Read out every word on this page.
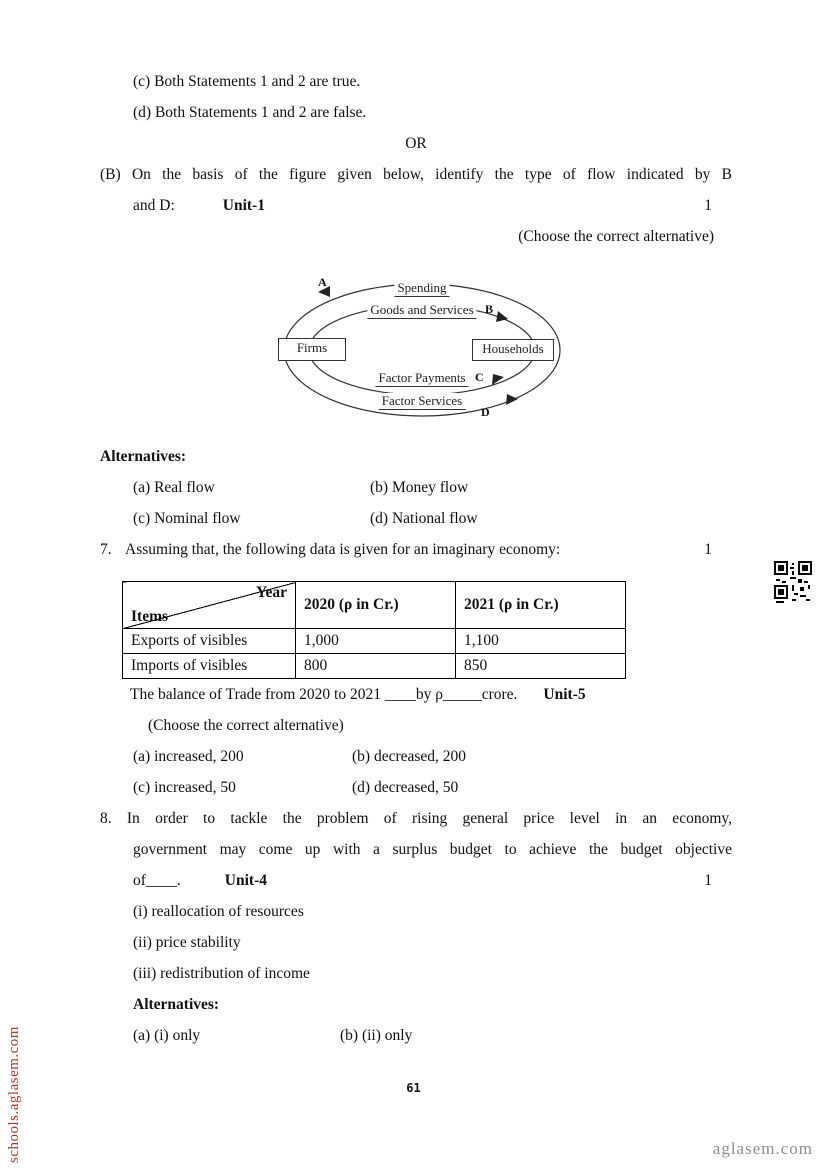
(c) Both Statements 1 and 2 are true.
(d) Both Statements 1 and 2 are false.
OR
(B) On the basis of the figure given below, identify the type of flow indicated by B
and D:	Unit-1	1
(Choose the correct alternative)
A
B
C
D
Spending
Goods and Services
Firms	Households
Factor Payments
Factor Services
Alternatives:
(a) Real flow	(b) Money flow
(c) Nominal flow	(d) National flow
7. Assuming that, the following data is given for an imaginary economy:	1
Year
Items	2020 (ρ in Cr.)	2021 (ρ in Cr.)
Exports of visibles	1,000	1,100
Imports of visibles	800	850
The balance of Trade from 2020 to 2021 ____by ρ_____crore. Unit-5
(Choose the correct alternative)
(a) increased, 200	(b) decreased, 200
(c) increased, 50	(d) decreased, 50
8. In order to tackle the problem of rising general price level in an economy,
government may come up with a surplus budget to achieve the budget objective
of____.	Unit-4	1
(i) reallocation of resources
(ii) price stability
(iii) redistribution of income
Alternatives:
(a) (i) only	(b) (ii) only
schools.aglasem.com	61
aglasem.com
